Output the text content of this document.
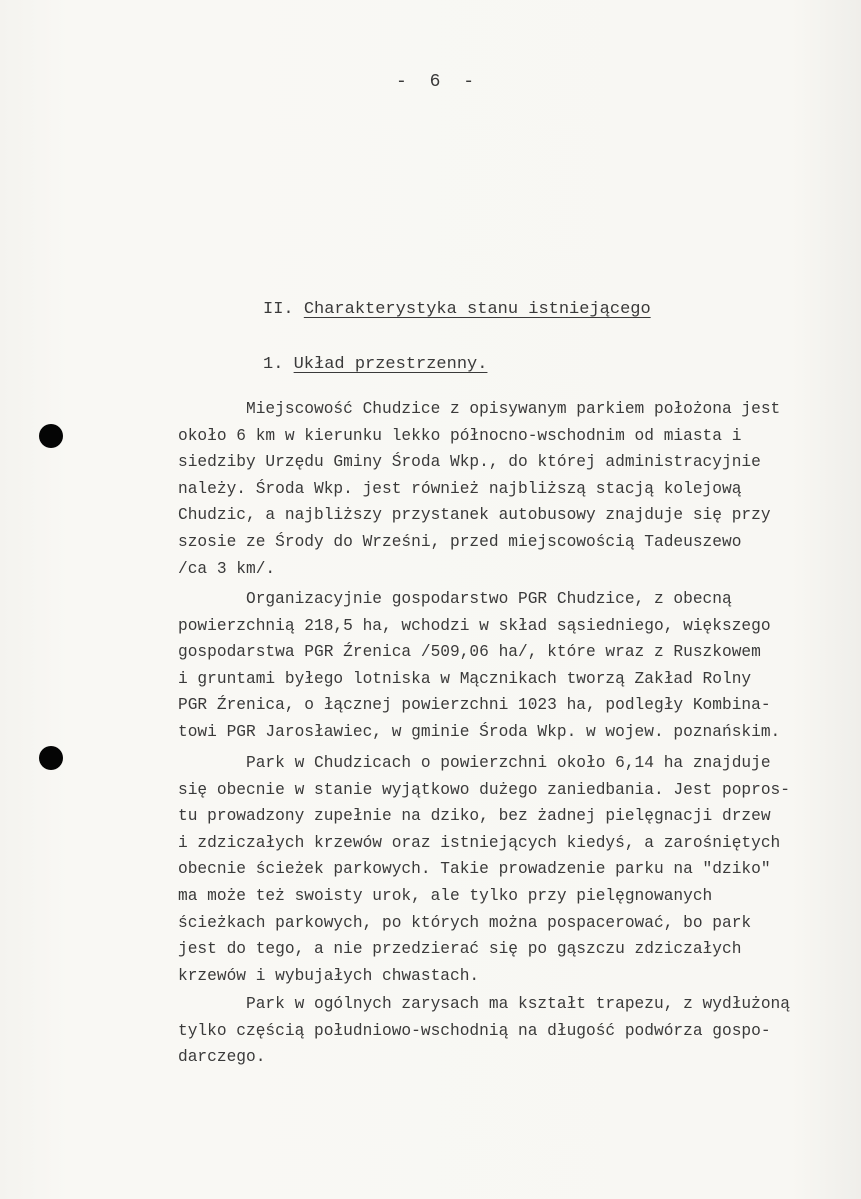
- 6 -
II. Charakterystyka stanu istniejącego
1. Układ przestrzenny.
Miejscowość Chudzice z opisywanym parkiem położona jest
około 6 km w kierunku lekko północno-wschodnim od miasta i
siedziby Urzędu Gminy Środa Wkp., do której administracyjnie
należy. Środa Wkp. jest również najbliższą stacją kolejową
Chudzic, a najbliższy przystanek autobusowy znajduje się przy
szosie ze Środy do Wrześni, przed miejscowością Tadeuszewo
/ca 3 km/.
Organizacyjnie gospodarstwo PGR Chudzice, z obecną
powierzchnią 218,5 ha, wchodzi w skład sąsiedniego, większego
gospodarstwa PGR Źrenica /509,06 ha/, które wraz z Ruszkowem
i gruntami byłego lotniska w Mącznikach tworzą Zakład Rolny
PGR Źrenica, o łącznej powierzchni 1023 ha, podległy Kombina-
towi PGR Jarosławiec, w gminie Środa Wkp. w wojew. poznańskim.
Park w Chudzicach o powierzchni około 6,14 ha znajduje
się obecnie w stanie wyjątkowo dużego zaniedbania. Jest popros-
tu prowadzony zupełnie na dziko, bez żadnej pielęgnacji drzew
i zdziczałych krzewów oraz istniejących kiedyś, a zarośniętych
obecnie ścieżek parkowych. Takie prowadzenie parku na "dziko"
ma może też swoisty urok, ale tylko przy pielęgnowanych
ścieżkach parkowych, po których można pospacerować, bo park
jest do tego, a nie przedzierać się po gąszczu zdziczałych
krzewów i wybujałych chwastach.
Park w ogólnych zarysach ma kształt trapezu, z wydłużoną
tylko częścią południowo-wschodnią na długość podwórza gospo-
darczego.
